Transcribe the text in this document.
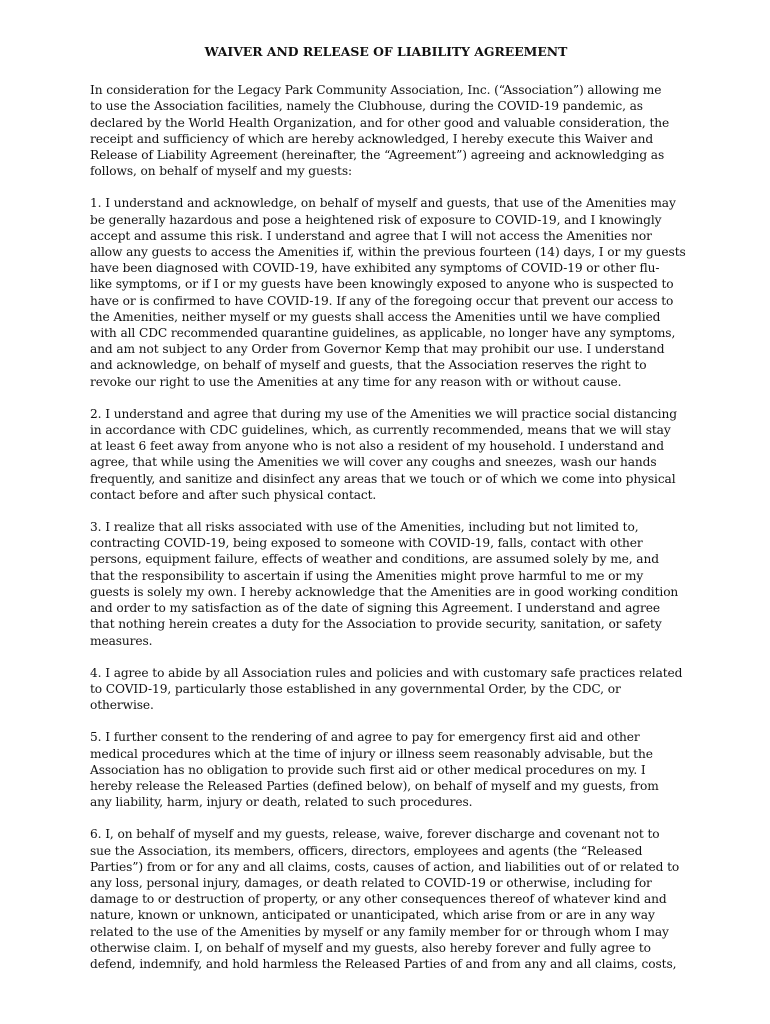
WAIVER AND RELEASE OF LIABILITY AGREEMENT
In consideration for the Legacy Park Community Association, Inc. (“Association”) allowing me
to use the Association facilities, namely the Clubhouse, during the COVID-19 pandemic, as
declared by the World Health Organization, and for other good and valuable consideration, the
receipt and sufficiency of which are hereby acknowledged, I hereby execute this Waiver and
Release of Liability Agreement (hereinafter, the “Agreement”) agreeing and acknowledging as
follows, on behalf of myself and my guests:
1. I understand and acknowledge, on behalf of myself and guests, that use of the Amenities may
be generally hazardous and pose a heightened risk of exposure to COVID-19, and I knowingly
accept and assume this risk. I understand and agree that I will not access the Amenities nor
allow any guests to access the Amenities if, within the previous fourteen (14) days, I or my guests
have been diagnosed with COVID-19, have exhibited any symptoms of COVID-19 or other flu-
like symptoms, or if I or my guests have been knowingly exposed to anyone who is suspected to
have or is confirmed to have COVID-19. If any of the foregoing occur that prevent our access to
the Amenities, neither myself or my guests shall access the Amenities until we have complied
with all CDC recommended quarantine guidelines, as applicable, no longer have any symptoms,
and am not subject to any Order from Governor Kemp that may prohibit our use. I understand
and acknowledge, on behalf of myself and guests, that the Association reserves the right to
revoke our right to use the Amenities at any time for any reason with or without cause.
2. I understand and agree that during my use of the Amenities we will practice social distancing
in accordance with CDC guidelines, which, as currently recommended, means that we will stay
at least 6 feet away from anyone who is not also a resident of my household. I understand and
agree, that while using the Amenities we will cover any coughs and sneezes, wash our hands
frequently, and sanitize and disinfect any areas that we touch or of which we come into physical
contact before and after such physical contact.
3. I realize that all risks associated with use of the Amenities, including but not limited to,
contracting COVID-19, being exposed to someone with COVID-19, falls, contact with other
persons, equipment failure, effects of weather and conditions, are assumed solely by me, and
that the responsibility to ascertain if using the Amenities might prove harmful to me or my
guests is solely my own. I hereby acknowledge that the Amenities are in good working condition
and order to my satisfaction as of the date of signing this Agreement. I understand and agree
that nothing herein creates a duty for the Association to provide security, sanitation, or safety
measures.
4. I agree to abide by all Association rules and policies and with customary safe practices related
to COVID-19, particularly those established in any governmental Order, by the CDC, or
otherwise.
5. I further consent to the rendering of and agree to pay for emergency first aid and other
medical procedures which at the time of injury or illness seem reasonably advisable, but the
Association has no obligation to provide such first aid or other medical procedures on my. I
hereby release the Released Parties (defined below), on behalf of myself and my guests, from
any liability, harm, injury or death, related to such procedures.
6. I, on behalf of myself and my guests, release, waive, forever discharge and covenant not to
sue the Association, its members, officers, directors, employees and agents (the “Released
Parties”) from or for any and all claims, costs, causes of action, and liabilities out of or related to
any loss, personal injury, damages, or death related to COVID-19 or otherwise, including for
damage to or destruction of property, or any other consequences thereof of whatever kind and
nature, known or unknown, anticipated or unanticipated, which arise from or are in any way
related to the use of the Amenities by myself or any family member for or through whom I may
otherwise claim. I, on behalf of myself and my guests, also hereby forever and fully agree to
defend, indemnify, and hold harmless the Released Parties of and from any and all claims, costs,
